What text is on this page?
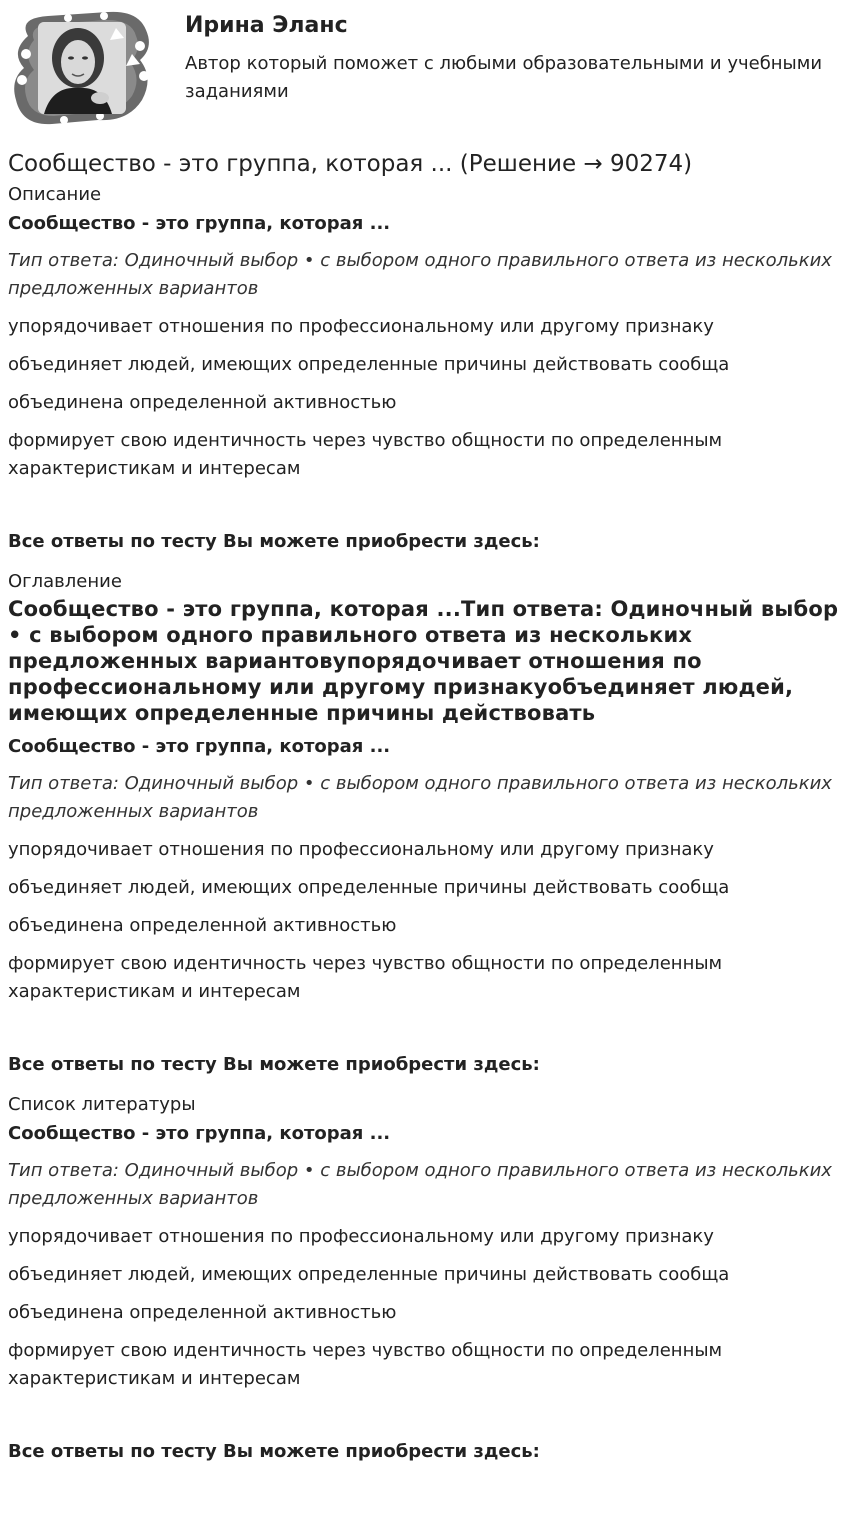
Ирина Эланс

Автор который поможет с любыми образовательными и учебными заданиями

Сообщество - это группа, которая ... (Решение → 90274)
Описание
Сообщество - это группа, которая ...
Тип ответа: Одиночный выбор • с выбором одного правильного ответа из нескольких предложенных вариантов
упорядочивает отношения по профессиональному или другому признаку
объединяет людей, имеющих определенные причины действовать сообща
объединена определенной активностью
формирует свою идентичность через чувство общности по определенным характеристикам и интересам
Все ответы по тесту Вы можете приобрести здесь:
Оглавление
Сообщество - это группа, которая ...Тип ответа: Одиночный выбор • с выбором одного правильного ответа из нескольких предложенных вариантовупорядочивает отношения по профессиональному или другому признакуобъединяет людей, имеющих определенные причины действовать
Сообщество - это группа, которая ...
Тип ответа: Одиночный выбор • с выбором одного правильного ответа из нескольких предложенных вариантов
упорядочивает отношения по профессиональному или другому признаку
объединяет людей, имеющих определенные причины действовать сообща
объединена определенной активностью
формирует свою идентичность через чувство общности по определенным характеристикам и интересам
Все ответы по тесту Вы можете приобрести здесь:
Список литературы
Сообщество - это группа, которая ...
Тип ответа: Одиночный выбор • с выбором одного правильного ответа из нескольких предложенных вариантов
упорядочивает отношения по профессиональному или другому признаку
объединяет людей, имеющих определенные причины действовать сообща
объединена определенной активностью
формирует свою идентичность через чувство общности по определенным характеристикам и интересам
Все ответы по тесту Вы можете приобрести здесь:
